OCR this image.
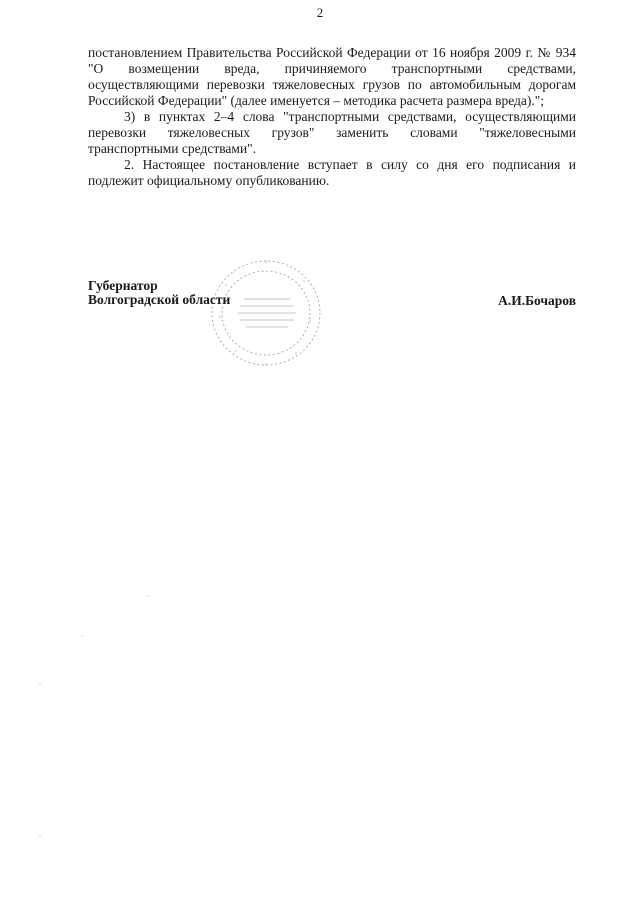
2

постановлением Правительства Российской Федерации от 16 ноября 2009 г. № 934 "О возмещении вреда, причиняемого транспортными средствами, осуществляющими перевозки тяжеловесных грузов по автомобильным дорогам Российской Федерации" (далее именуется – методика расчета размера вреда).";

3) в пунктах 2–4 слова "транспортными средствами, осуществляющими перевозки тяжеловесных грузов" заменить словами "тяжеловесными транспортными средствами".

2. Настоящее постановление вступает в силу со дня его подписания и подлежит официальному опубликованию.

Губернатор
Волгоградской области	А.И.Бочаров
